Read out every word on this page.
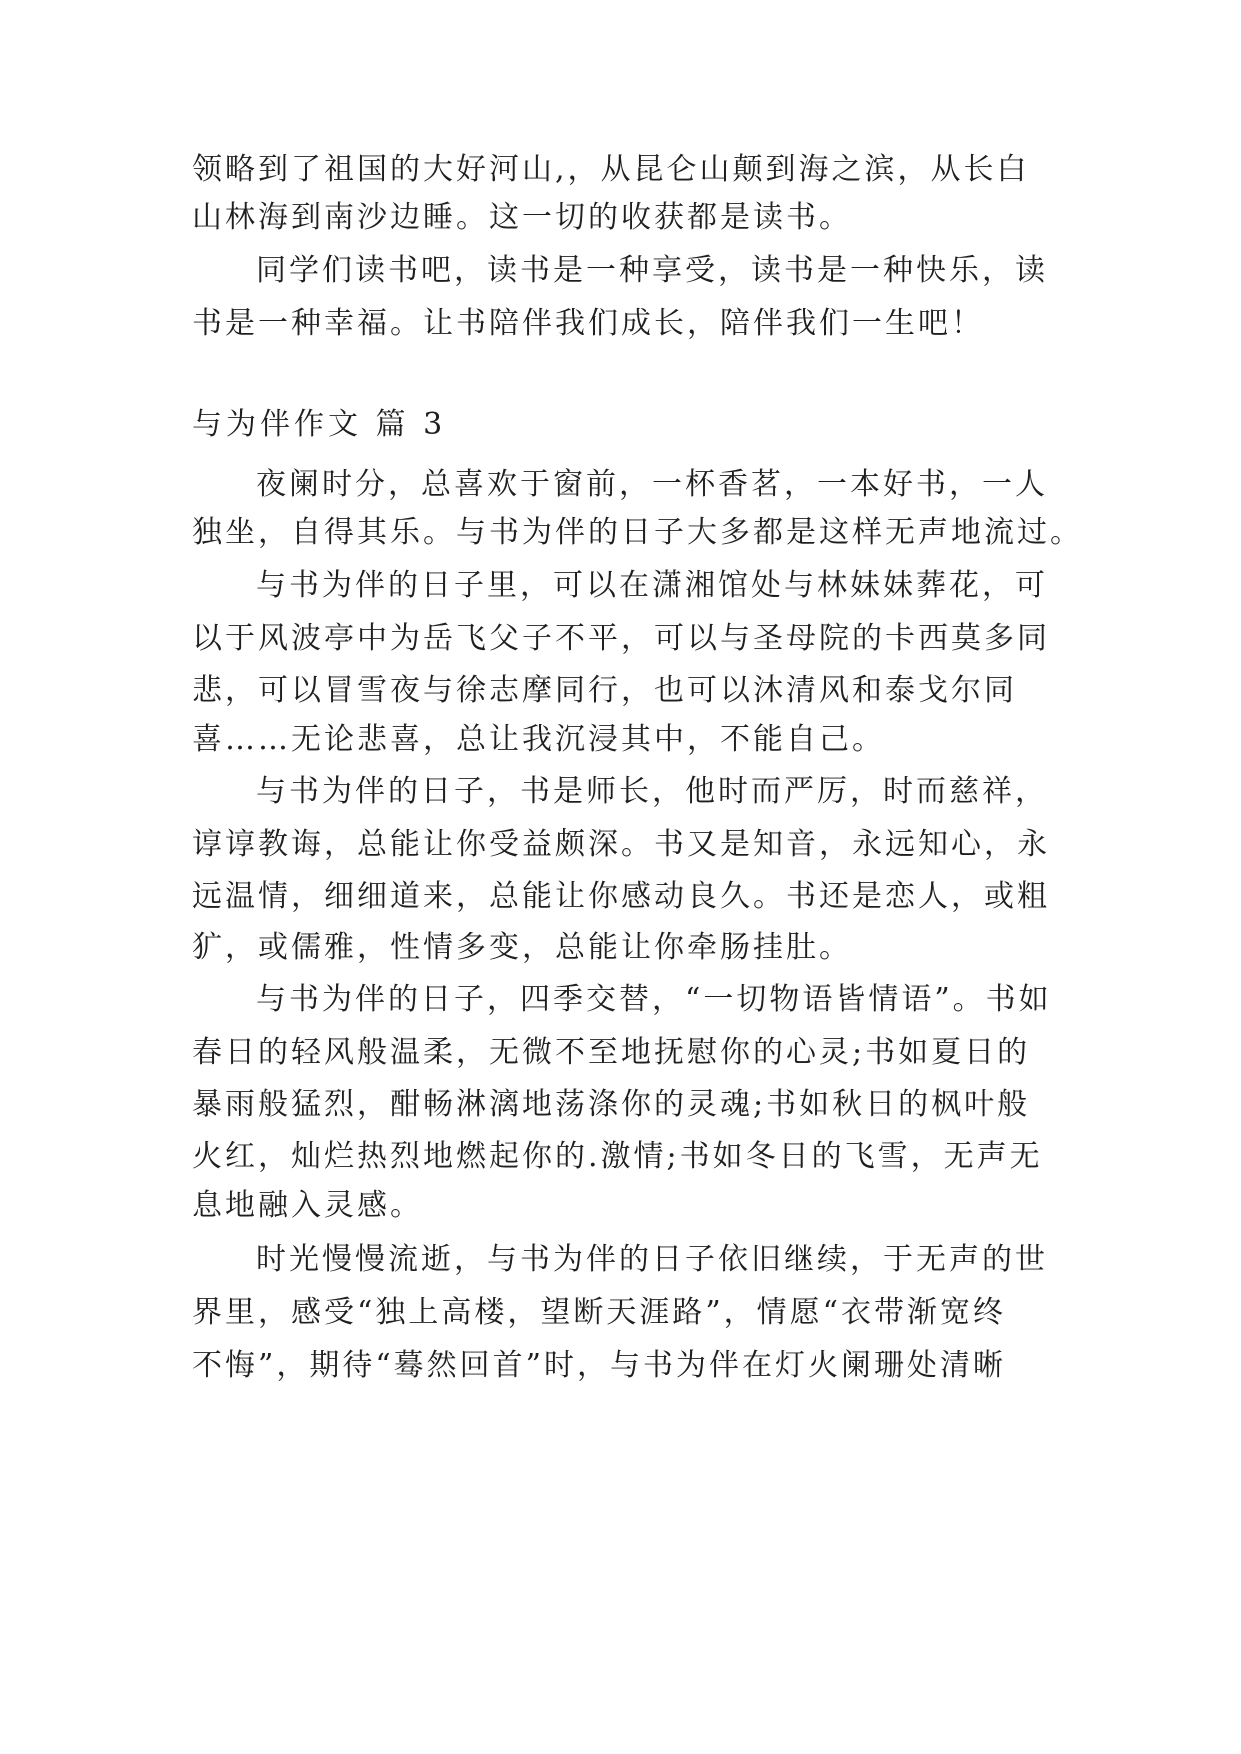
领略到了祖国的大好河山,，从昆仑山颠到海之滨，从长白
山林海到南沙边睡。这一切的收获都是读书。
同学们读书吧，读书是一种享受，读书是一种快乐，读
书是一种幸福。让书陪伴我们成长，陪伴我们一生吧！
与为伴作文 篇 3
夜阑时分，总喜欢于窗前，一杯香茗，一本好书，一人
独坐，自得其乐。与书为伴的日子大多都是这样无声地流过。
与书为伴的日子里，可以在潇湘馆处与林妹妹葬花，可
以于风波亭中为岳飞父子不平，可以与圣母院的卡西莫多同
悲，可以冒雪夜与徐志摩同行，也可以沐清风和泰戈尔同
喜……无论悲喜，总让我沉浸其中，不能自己。
与书为伴的日子，书是师长，他时而严厉，时而慈祥，
谆谆教诲，总能让你受益颇深。书又是知音，永远知心，永
远温情，细细道来，总能让你感动良久。书还是恋人，或粗
犷，或儒雅，性情多变，总能让你牵肠挂肚。
与书为伴的日子，四季交替，“一切物语皆情语”。书如
春日的轻风般温柔，无微不至地抚慰你的心灵;书如夏日的
暴雨般猛烈，酣畅淋漓地荡涤你的灵魂;书如秋日的枫叶般
火红，灿烂热烈地燃起你的.激情;书如冬日的飞雪，无声无
息地融入灵感。
时光慢慢流逝，与书为伴的日子依旧继续，于无声的世
界里，感受“独上高楼，望断天涯路”，情愿“衣带渐宽终
不悔”，期待“蓦然回首”时，与书为伴在灯火阑珊处清晰
